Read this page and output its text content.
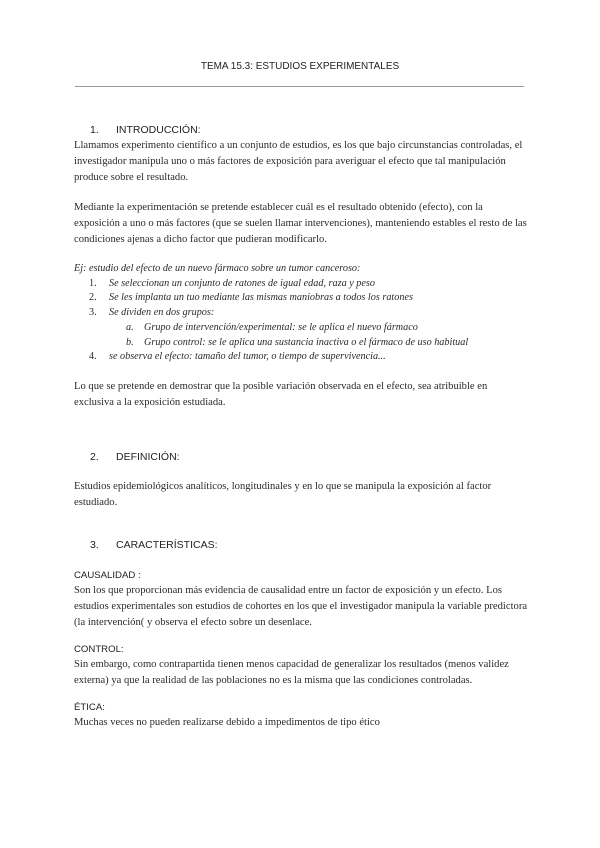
TEMA 15.3: ESTUDIOS EXPERIMENTALES
1. INTRODUCCIÓN:

Llamamos experimento cientifico a un conjunto de estudios, es los que bajo circunstancias controladas, el investigador manipula uno o más factores de exposición para averiguar el efecto que tal manipulación produce sobre el resultado.

Mediante la experimentación se pretende establecer cuál es el resultado obtenido (efecto), con la exposición a uno o más factores (que se suelen llamar intervenciones), manteniendo estables el resto de las condiciones ajenas a dicho factor que pudieran modificarlo.

Ej: estudio del efecto de un nuevo fármaco sobre un tumor canceroso:

1. Se seleccionan un conjunto de ratones de igual edad, raza y peso
2. Se les implanta un tuo mediante las mismas maniobras a todos los ratones
3. Se dividen en dos grupos:
a. Grupo de intervención/experimental: se le aplica el nuevo fármaco
b. Grupo control: se le aplica una sustancia inactiva o el fármaco de uso habitual
4. se observa el efecto: tamaño del tumor, o tiempo de supervivencia...

Lo que se pretende en demostrar que la posible variación observada en el efecto, sea atribuible en exclusiva a la exposición estudiada.

2. DEFINICIÓN:

Estudios epidemiológicos analíticos, longitudinales y en lo que se manipula la exposición al factor estudiado.

3. CARACTERÍSTICAS:
CAUSALIDAD :

Son los que proporcionan más evidencia de causalidad entre un factor de exposición y un efecto. Los estudios experimentales son estudios de cohortes en los que el investigador manipula la variable predictora (la intervención( y observa el efecto sobre un desenlace.

CONTROL:

Sin embargo, como contrapartida tienen menos capacidad de generalizar los resultados (menos validez externa) ya que la realidad de las poblaciones no es la misma que las condiciones controladas.

ÉTICA:

Muchas veces no pueden realizarse debido a impedimentos de tipo ético
